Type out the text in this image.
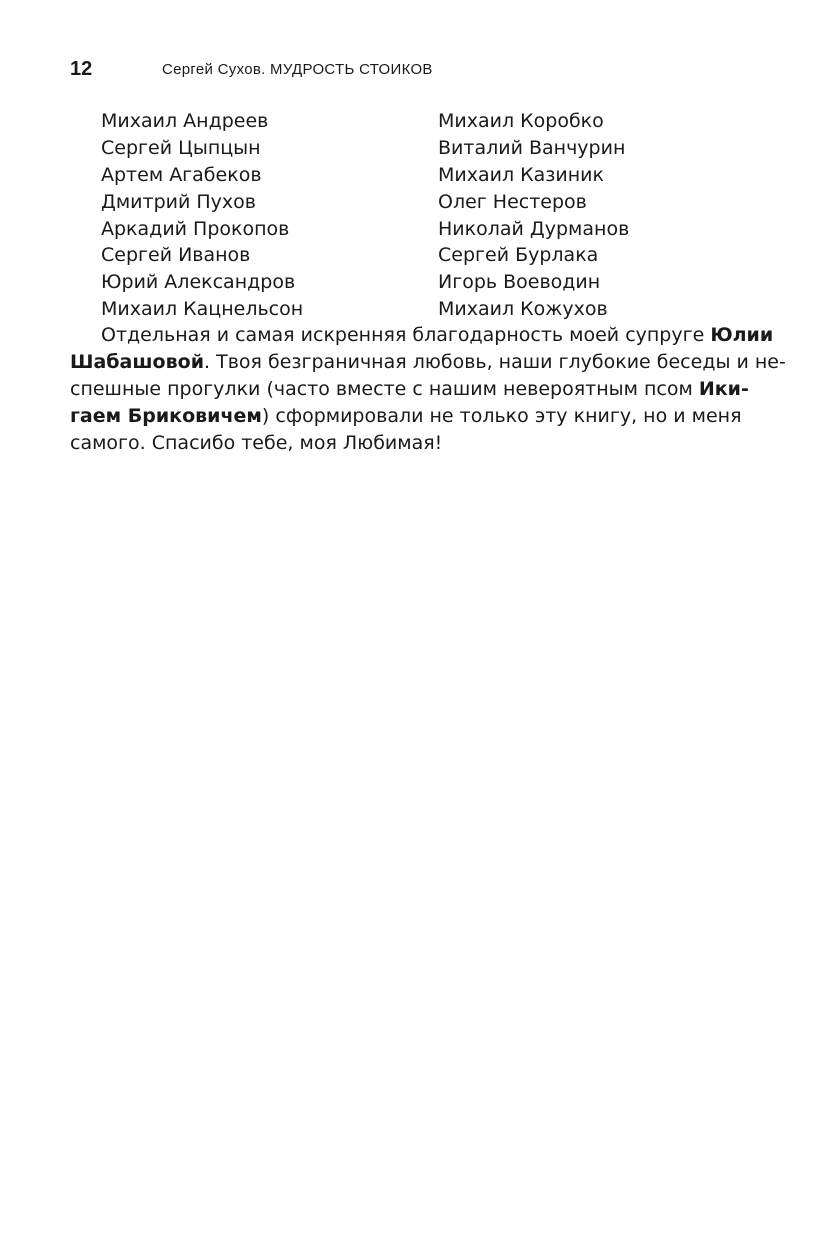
12	Сергей Сухов. МУДРОСТЬ СТОИКОВ
Михаил Андреев	Михаил Коробко
Сергей Цыпцын	Виталий Ванчурин
Артем Агабеков	Михаил Казиник
Дмитрий Пухов	Олег Нестеров
Аркадий Прокопов	Николай Дурманов
Сергей Иванов	Сергей Бурлака
Юрий Александров	Игорь Воеводин
Михаил Кацнельсон	Михаил Кожухов
Отдельная и самая искренняя благодарность моей супруге Юлии
Шабашовой. Твоя безграничная любовь, наши глубокие беседы и не-
спешные прогулки (часто вместе с нашим невероятным псом Ики-
гаем Бриковичем) сформировали не только эту книгу, но и меня
самого. Спасибо тебе, моя Любимая!
